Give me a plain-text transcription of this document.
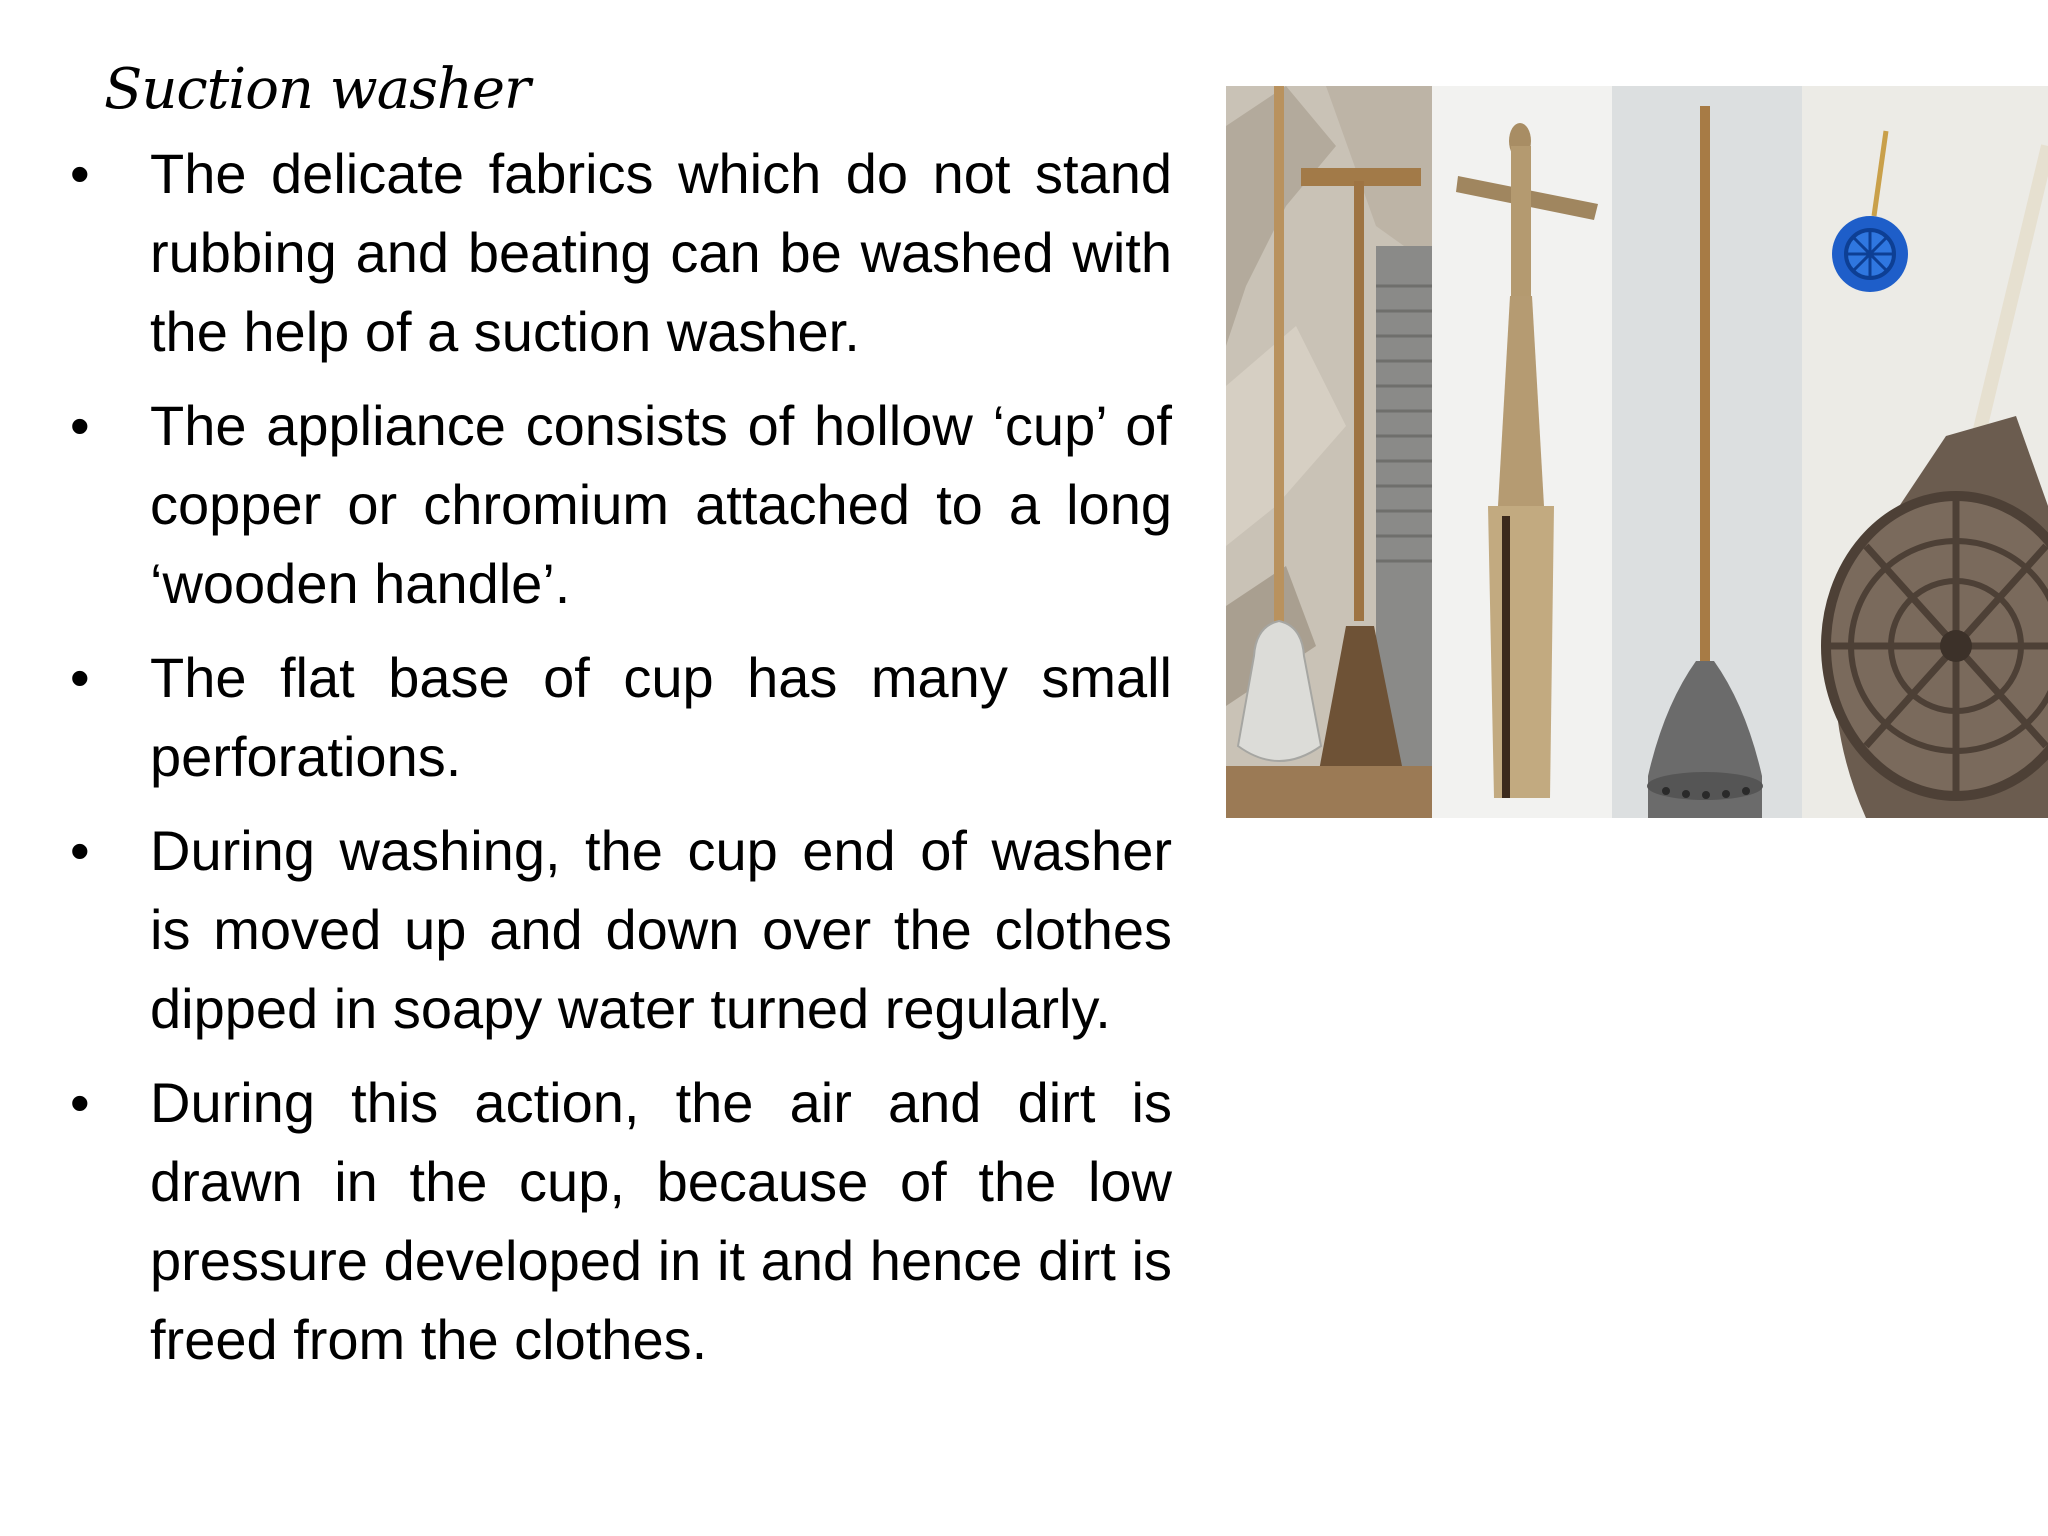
Suction washer
• The delicate fabrics which do not stand rubbing and beating can be washed with the help of a suction washer.
• The appliance consists of hollow ‘cup’ of copper or chromium attached to a long ‘wooden handle’.
• The flat base of cup has many small perforations.
• During washing, the cup end of washer is moved up and down over the clothes dipped in soapy water turned regularly.
• During this action, the air and dirt is drawn in the cup, because of the low pressure developed in it and hence dirt is freed from the clothes.
